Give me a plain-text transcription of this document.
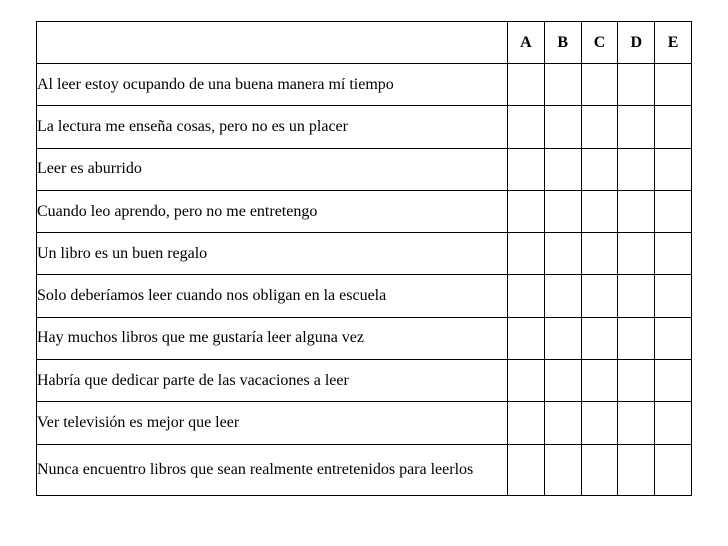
	A	B	C	D	E
Al leer estoy ocupando de una buena manera mí tiempo					
La lectura me enseña cosas, pero no es un placer					
Leer es aburrido					
Cuando leo aprendo, pero no me entretengo					
Un libro es un buen regalo					
Solo deberíamos leer cuando nos obligan en la escuela					
Hay muchos libros que me gustaría leer alguna vez					
Habría que dedicar parte de las vacaciones a leer					
Ver televisión es mejor que leer					

Nunca encuentro libros que sean realmente entretenidos para leerlos					
